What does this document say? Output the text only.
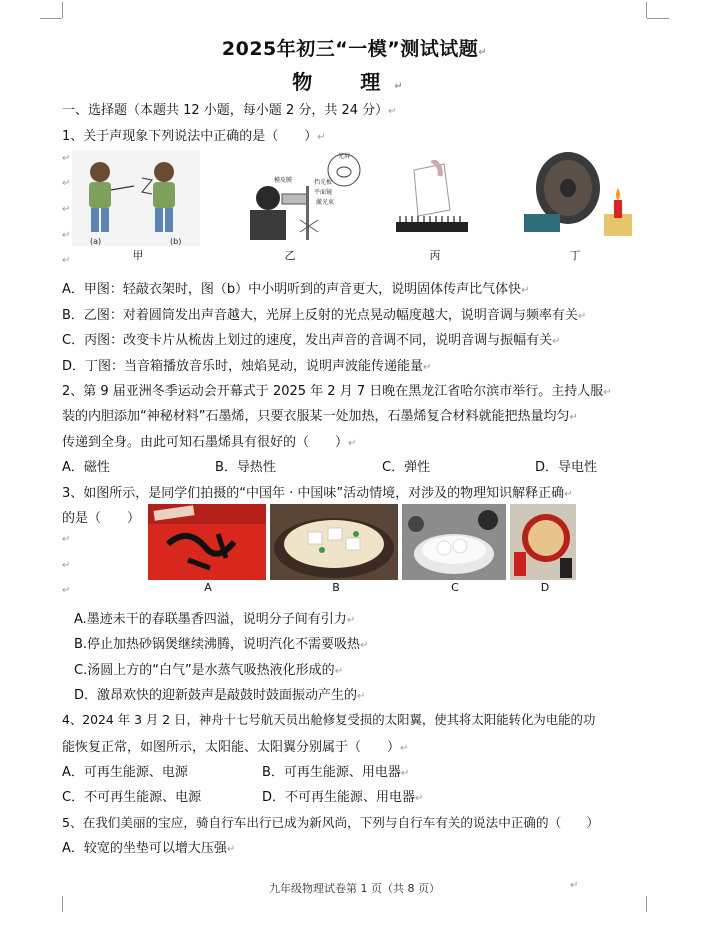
2025年初三“一模”测试试题↵
物　理↵
一、选择题（本题共 12 小题，每小题 2 分，共 24 分）↵
1、关于声现象下列说法中正确的是（　　）↵
(a)	(b)
甲
模皮膜	挡光板
平面镜
激光束
光屏
乙	丙	丁
↵
↵
↵
↵
↵
A．甲图：轻敲衣架时，图（b）中小明听到的声音更大，说明固体传声比气体快↵
B．乙图：对着圆筒发出声音越大，光屏上反射的光点晃动幅度越大，说明音调与频率有关↵
C．丙图：改变卡片从梳齿上划过的速度，发出声音的音调不同，说明音调与振幅有关↵
D．丁图：当音箱播放音乐时，烛焰晃动，说明声波能传递能量↵
2、第 9 届亚洲冬季运动会开幕式于 2025 年 2 月 7 日晚在黑龙江省哈尔滨市举行。主持人服↵
装的内胆添加“神秘材料”石墨烯，只要衣服某一处加热，石墨烯复合材料就能把热量均匀↵
传递到全身。由此可知石墨烯具有很好的（　　）↵
A．磁性	B．导热性	C．弹性	D．导电性
3、如图所示，是同学们拍摄的“中国年 · 中国味”活动情境，对涉及的物理知识解释正确↵
的是（　　）
↵
↵
↵	A	B	C	D
A.墨迹未干的春联墨香四溢，说明分子间有引力↵
B.停止加热砂锅煲继续沸腾，说明汽化不需要吸热↵
C.汤圆上方的“白气”是水蒸气吸热液化形成的↵
D．激昂欢快的迎新鼓声是敲鼓时鼓面振动产生的↵
4、2024 年 3 月 2 日，神舟十七号航天员出舱修复受损的太阳翼，使其将太阳能转化为电能的功
能恢复正常，如图所示，太阳能、太阳翼分别属于（　　）↵
A．可再生能源、电源	B．可再生能源、用电器↵
C．不可再生能源、电源	D．不可再生能源、用电器↵
5、在我们美丽的宝应，骑自行车出行已成为新风尚，下列与自行车有关的说法中正确的（　　）
A．较宽的坐垫可以增大压强↵
九年级物理试卷第 1 页（共 8 页）	↵
